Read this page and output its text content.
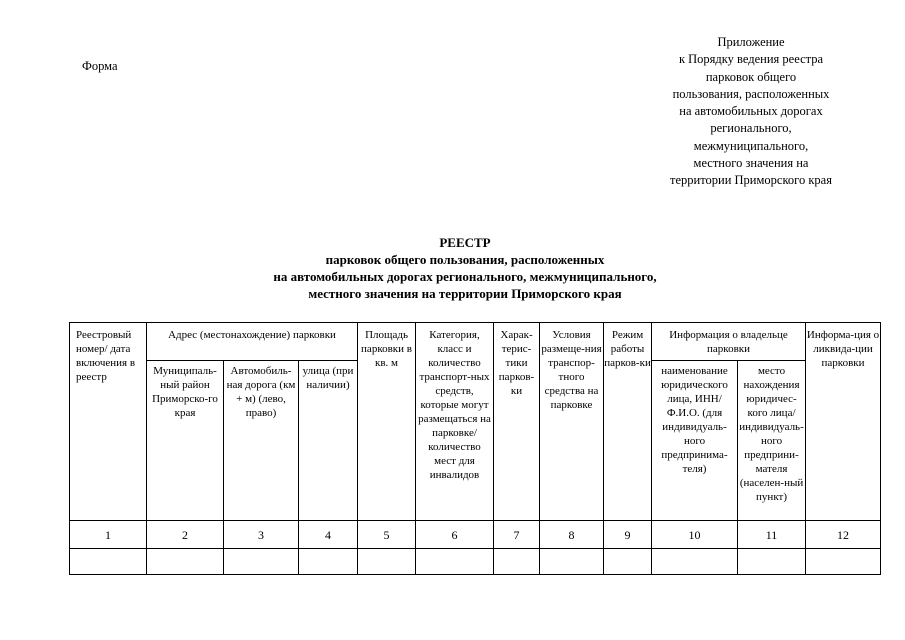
Форма
Приложение
к Порядку ведения реестра
парковок общего
пользования, расположенных
на автомобильных дорогах
регионального,
межмуниципального,
местного значения на
территории Приморского края
РЕЕСТР
парковок общего пользования, расположенных
на автомобильных дорогах регионального, межмуниципального,
местного значения на территории Приморского края
Реестровый номер/ дата включения в реестр	Адрес (местонахождение) парковки			Площадь парковки в кв. м	Категория, класс и количество транспорт-ных средств, которые могут размещаться на парковке/ количество мест для инвалидов	Харак-терис-тики парков-ки	Условия размеще-ния транспор-тного средства на парковке	Режим работы парков-ки	Информация о владельце парковки		Информа-ция о ликвида-ции парковки
	Муниципаль-ный район Приморско-го края	Автомобиль-ная дорога (км + м) (лево, право)	улица (при наличии)						наименование юридического лица, ИНН/Ф.И.О. (для индивидуаль-ного предпринима-теля)	место нахождения юридичес-кого лица/ индивидуаль-ного предприни-мателя (населен-ный пункт)	
1	2	3	4	5	6	7	8	9	10	11	12
